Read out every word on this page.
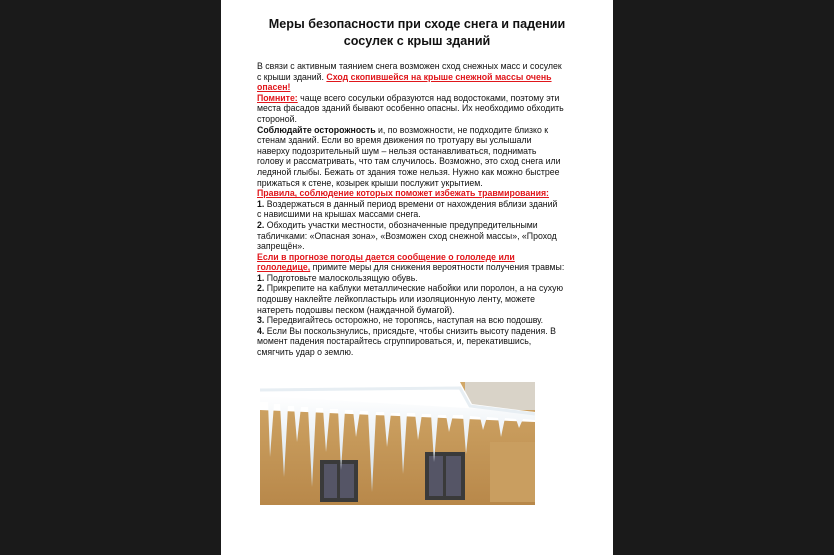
Меры безопасности при сходе снега и падении
сосулек с крыш зданий
В связи с активным таянием снега возможен сход снежных масс и сосулек
с крыши зданий. Сход скопившейся на крыше снежной массы очень
опасен!
Помните: чаще всего сосульки образуются над водостоками, поэтому эти
места фасадов зданий бывают особенно опасны. Их необходимо обходить
стороной.
Соблюдайте осторожность и, по возможности, не подходите близко к
стенам зданий. Если во время движения по тротуару вы услышали
наверху подозрительный шум – нельзя останавливаться, поднимать
голову и рассматривать, что там случилось. Возможно, это сход снега или
ледяной глыбы. Бежать от здания тоже нельзя. Нужно как можно быстрее
прижаться к стене, козырек крыши послужит укрытием.
Правила, соблюдение которых поможет избежать травмирования:
1. Воздержаться в данный период времени от нахождения вблизи зданий
с нависшими на крышах массами снега.
2. Обходить участки местности, обозначенные предупредительными
табличками: «Опасная зона», «Возможен сход снежной массы», «Проход
запрещён».
Если в прогнозе погоды дается сообщение о гололеде или
гололедице, примите меры для снижения вероятности получения травмы:
1. Подготовьте малоскользящую обувь.
2. Прикрепите на каблуки металлические набойки или поролон, а на сухую
подошву наклейте лейкопластырь или изоляционную ленту, можете
натереть подошвы песком (наждачной бумагой).
3. Передвигайтесь осторожно, не торопясь, наступая на всю подошву.
4. Если Вы поскользнулись, присядьте, чтобы снизить высоту падения. В
момент падения постарайтесь сгруппироваться, и, перекатившись,
смягчить удар о землю.
